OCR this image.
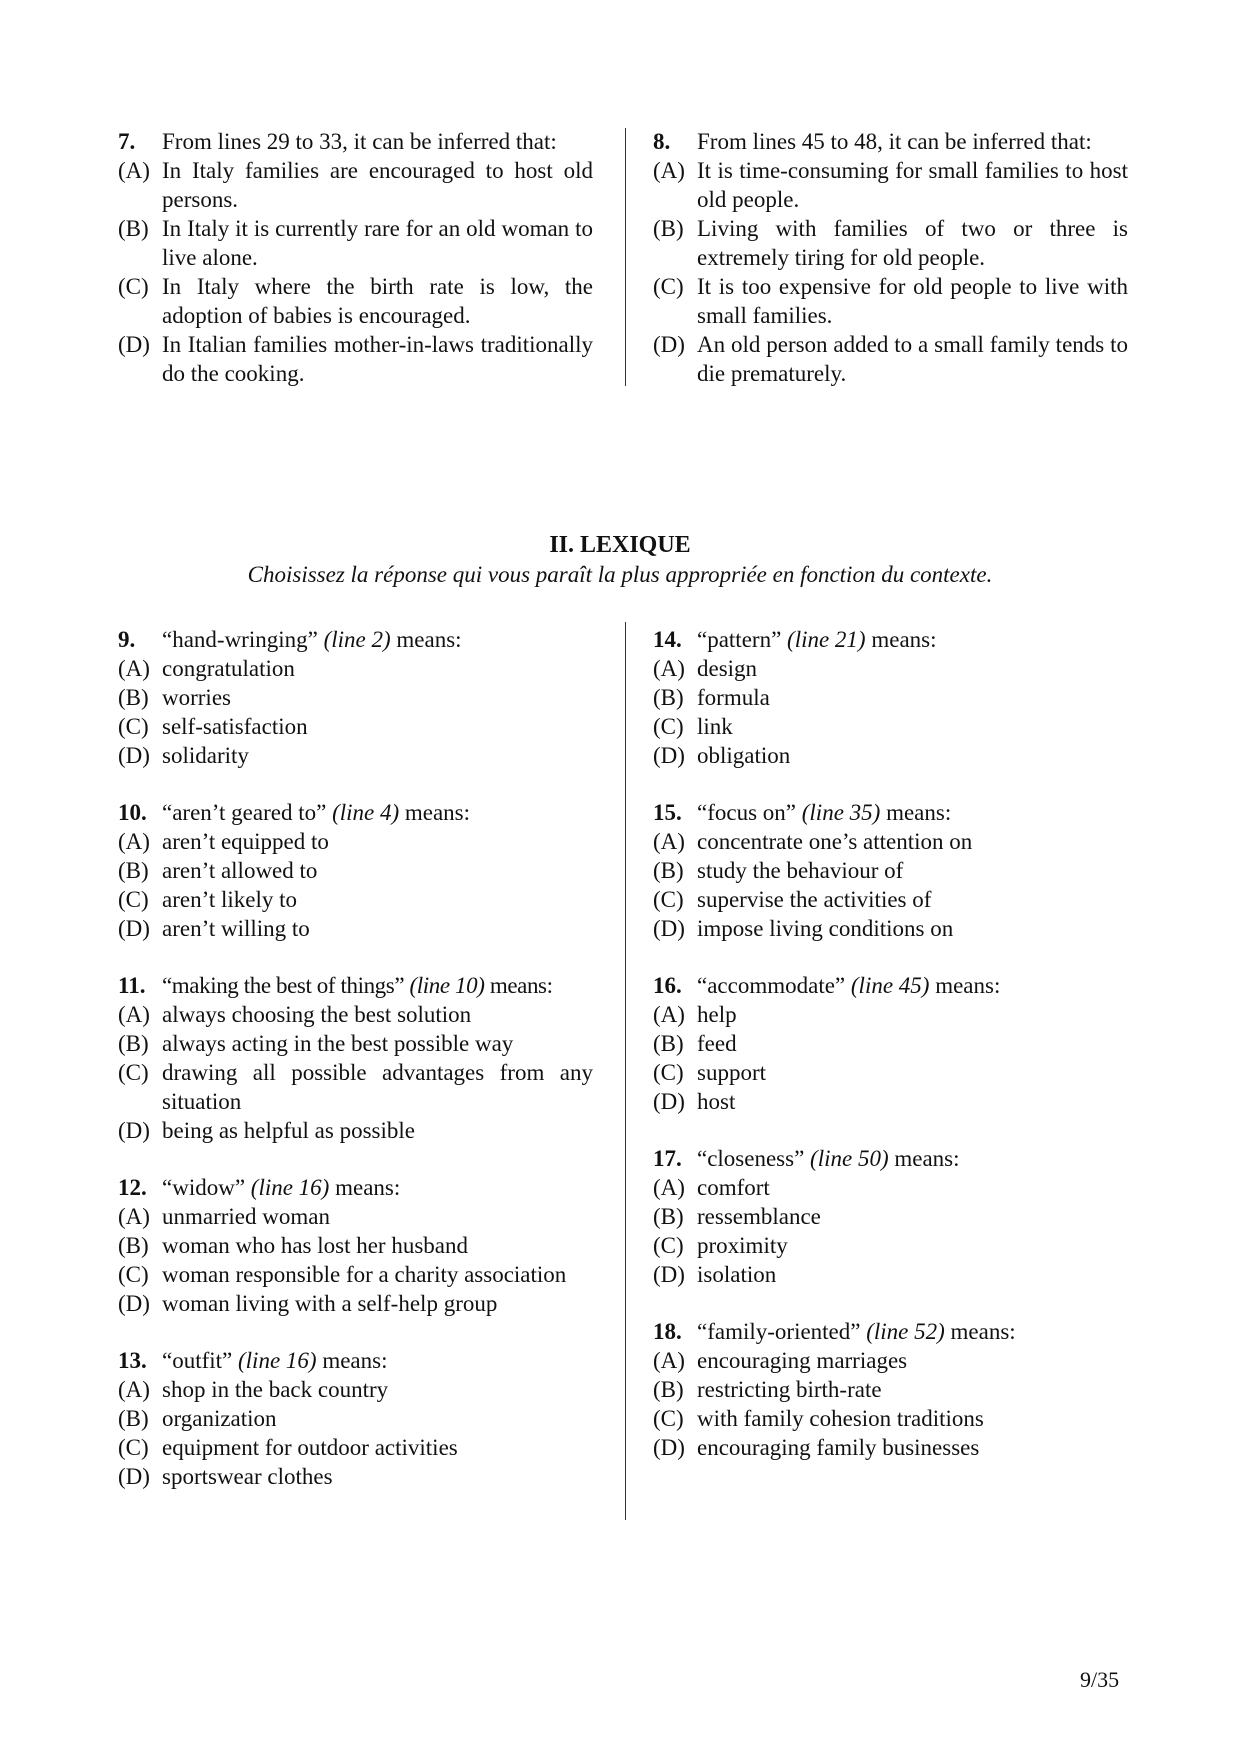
7.	From lines 29 to 33, it can be inferred that:
(A) In Italy families are encouraged to host old persons.
(B) In Italy it is currently rare for an old woman to live alone.
(C) In Italy where the birth rate is low, the adoption of babies is encouraged.
(D) In Italian families mother-in-laws traditionally do the cooking.
8.	From lines 45 to 48, it can be inferred that:
(A) It is time-consuming for small families to host old people.
(B) Living with families of two or three is extremely tiring for old people.
(C) It is too expensive for old people to live with small families.
(D) An old person added to a small family tends to die prematurely.
II. LEXIQUE
Choisissez la réponse qui vous paraît la plus appropriée en fonction du contexte.
9.	“hand-wringing” (line 2) means:
(A) congratulation
(B) worries
(C) self-satisfaction
(D) solidarity
10. “aren’t geared to” (line 4) means:
(A) aren’t equipped to
(B) aren’t allowed to
(C) aren’t likely to
(D) aren’t willing to
11. “making the best of things” (line 10) means:
(A) always choosing the best solution
(B) always acting in the best possible way
(C) drawing all possible advantages from any situation
(D) being as helpful as possible
12. “widow” (line 16) means:
(A) unmarried woman
(B) woman who has lost her husband
(C) woman responsible for a charity association
(D) woman living with a self-help group
13. “outfit” (line 16) means:
(A) shop in the back country
(B) organization
(C) equipment for outdoor activities
(D) sportswear clothes
14. “pattern” (line 21) means:
(A) design
(B) formula
(C) link
(D) obligation
15. “focus on” (line 35) means:
(A) concentrate one’s attention on
(B) study the behaviour of
(C) supervise the activities of
(D) impose living conditions on
16. “accommodate” (line 45) means:
(A) help
(B) feed
(C) support
(D) host
17. “closeness” (line 50) means:
(A) comfort
(B) ressemblance
(C) proximity
(D) isolation
18. “family-oriented” (line 52) means:
(A) encouraging marriages
(B) restricting birth-rate
(C) with family cohesion traditions
(D) encouraging family businesses
9/35
